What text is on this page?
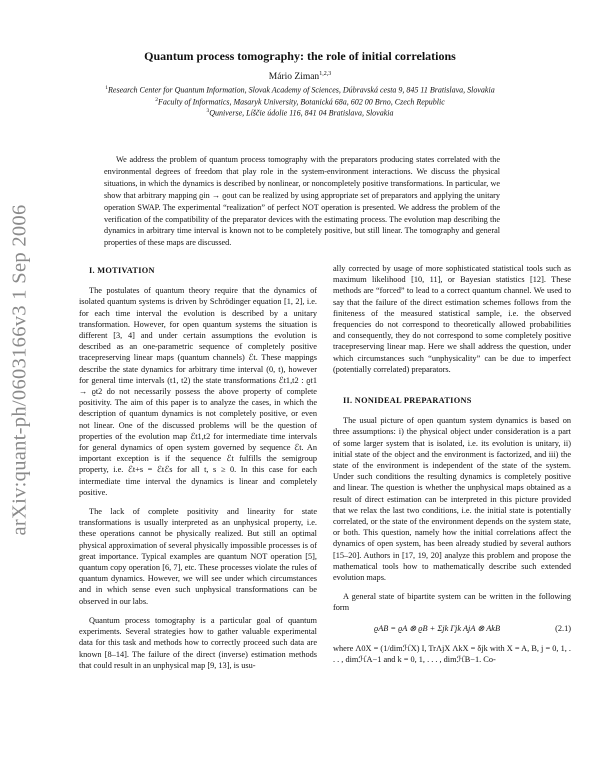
arXiv:quant-ph/0603166v3 1 Sep 2006
Quantum process tomography: the role of initial correlations
Mário Ziman$^{1,2,3}$
$^1$Research Center for Quantum Information, Slovak Academy of Sciences, Dúbravská cesta 9, 845 11 Bratislava, Slovakia
$^2$Faculty of Informatics, Masaryk University, Botanická 68a, 602 00 Brno, Czech Republic
$^3$Quniverse, Líščie údolie 116, 841 04 Bratislava, Slovakia
We address the problem of quantum process tomography with the preparators producing states correlated with the environmental degrees of freedom that play role in the system-environment interactions. We discuss the physical situations, in which the dynamics is described by nonlinear, or noncompletely positive transformations. In particular, we show that arbitrary mapping ϱin → ϱout can be realized by using appropriate set of preparators and applying the unitary operation SWAP. The experimental “realization” of perfect NOT operation is presented. We address the problem of the verification of the compatibility of the preparator devices with the estimating process. The evolution map describing the dynamics in arbitrary time interval is known not to be completely positive, but still linear. The tomography and general properties of these maps are discussed.

I. MOTIVATION

The postulates of quantum theory require that the dynamics of isolated quantum systems is driven by Schrödinger equation [1, 2], i.e. for each time interval the evolution is described by a unitary transformation. However, for open quantum systems the situation is different [3, 4] and under certain assumptions the evolution is described as an one-parametric sequence of completely positive tracepreserving linear maps (quantum channels) ℰt. These mappings describe the state dynamics for arbitrary time interval (0, t), however for general time intervals (t1, t2) the state transformations ℰt1,t2 : ϱt1 → ϱt2 do not necessarily possess the above property of complete positivity. The aim of this paper is to analyze the cases, in which the description of quantum dynamics is not completely positive, or even not linear. One of the discussed problems will be the question of properties of the evolution map ℰt1,t2 for intermediate time intervals for general dynamics of open system governed by sequence ℰt. An important exception is if the sequence ℰt fulfills the semigroup property, i.e. ℰt+s = ℰtℰs for all t, s ≥ 0. In this case for each intermediate time interval the dynamics is linear and completely positive.

The lack of complete positivity and linearity for state transformations is usually interpreted as an unphysical property, i.e. these operations cannot be physically realized. But still an optimal physical approximation of several physically impossible processes is of great importance. Typical examples are quantum NOT operation [5], quantum copy operation [6, 7], etc. These processes violate the rules of quantum dynamics. However, we will see under which circumstances and in which sense even such unphysical transformations can be observed in our labs.

Quantum process tomography is a particular goal of quantum experiments. Several strategies how to gather valuable experimental data for this task and methods how to correctly proceed such data are known [8–14]. The failure of the direct (inverse) estimation methods that could result in an unphysical map [9, 13], is usu-

ally corrected by usage of more sophisticated statistical tools such as maximum likelihood [10, 11], or Bayesian statistics [12]. These methods are “forced” to lead to a correct quantum channel. We used to say that the failure of the direct estimation schemes follows from the finiteness of the measured statistical sample, i.e. the observed frequencies do not correspond to theoretically allowed probabilities and consequently, they do not correspond to some completely positive tracepreserving linear map. Here we shall address the question, under which circumstances such “unphysicality” can be due to imperfect (potentially correlated) preparators.

II. NONIDEAL PREPARATIONS

The usual picture of open quantum system dynamics is based on three assumptions: i) the physical object under consideration is a part of some larger system that is isolated, i.e. its evolution is unitary, ii) initial state of the object and the environment is factorized, and iii) the state of the environment is independent of the state of the system. Under such conditions the resulting dynamics is completely positive and linear. The question is whether the unphysical maps obtained as a result of direct estimation can be interpreted in this picture provided that we relax the last two conditions, i.e. the initial state is potentially correlated, or the state of the environment depends on the system state, or both. This question, namely how the initial correlations affect the dynamics of open system, has been already studied by several authors [15–20]. Authors in [17, 19, 20] analyze this problem and propose the mathematical tools how to mathematically describe such extended evolution maps.

A general state of bipartite system can be written in the following form

ϱAB = ϱA ⊗ ϱB + Σjk Γjk AjA ⊗ AkB	(2.1)

where Λ0X = (1/dimℋX) I, TrΛjX ΛkX = δjk with X = A, B, j = 0, 1, . . . , dimℋA−1 and k = 0, 1, . . . , dimℋB−1. Co-
